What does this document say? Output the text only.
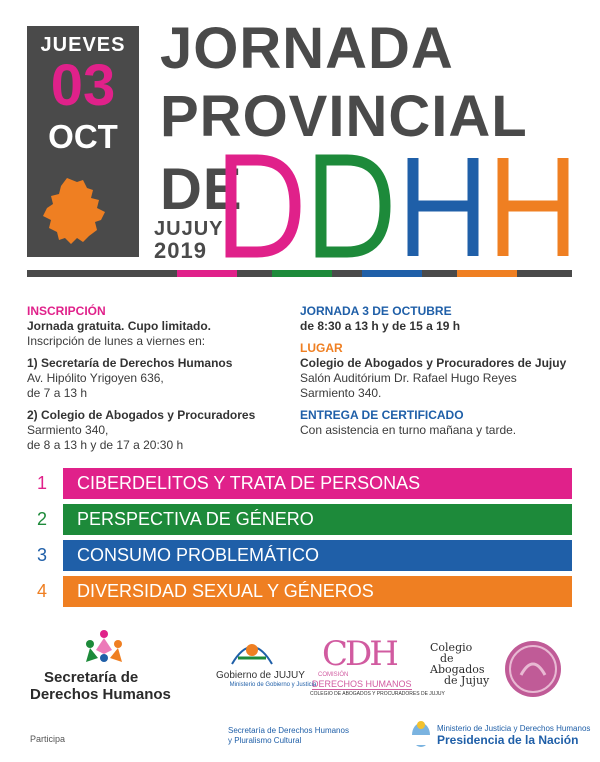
JUEVES
03
OCT
JORNADA
PROVINCIAL
DE
JUJUY
2019
INSCRIPCIÓN
Jornada gratuita. Cupo limitado.
Inscripción de lunes a viernes en:
1) Secretaría de Derechos Humanos
Av. Hipólito Yrigoyen 636,
de 7 a 13 h
2) Colegio de Abogados y Procuradores
Sarmiento 340,
de 8 a 13 h y de 17 a 20:30 h
JORNADA 3 DE OCTUBRE
de 8:30 a 13 h y de 15 a 19 h
LUGAR
Colegio de Abogados y Procuradores de Jujuy
Salón Auditórium Dr. Rafael Hugo Reyes
Sarmiento 340.
ENTREGA DE CERTIFICADO
Con asistencia en turno mañana y tarde.
1	CIBERDELITOS Y TRATA DE PERSONAS
2	PERSPECTIVA DE GÉNERO
3	CONSUMO PROBLEMÁTICO
4	DIVERSIDAD SEXUAL Y GÉNEROS
Secretaría de
Derechos Humanos
Gobierno de JUJUY
Ministerio de Gobierno y Justicia
CDH
COMISIÓN
DERECHOS HUMANOS
COLEGIO DE ABOGADOS Y PROCURADORES DE JUJUY
Colegio
de
Abogados
de Jujuy
Participa
Secretaría de Derechos Humanos
y Pluralismo Cultural
Ministerio de Justicia y Derechos Humanos
Presidencia de la Nación
